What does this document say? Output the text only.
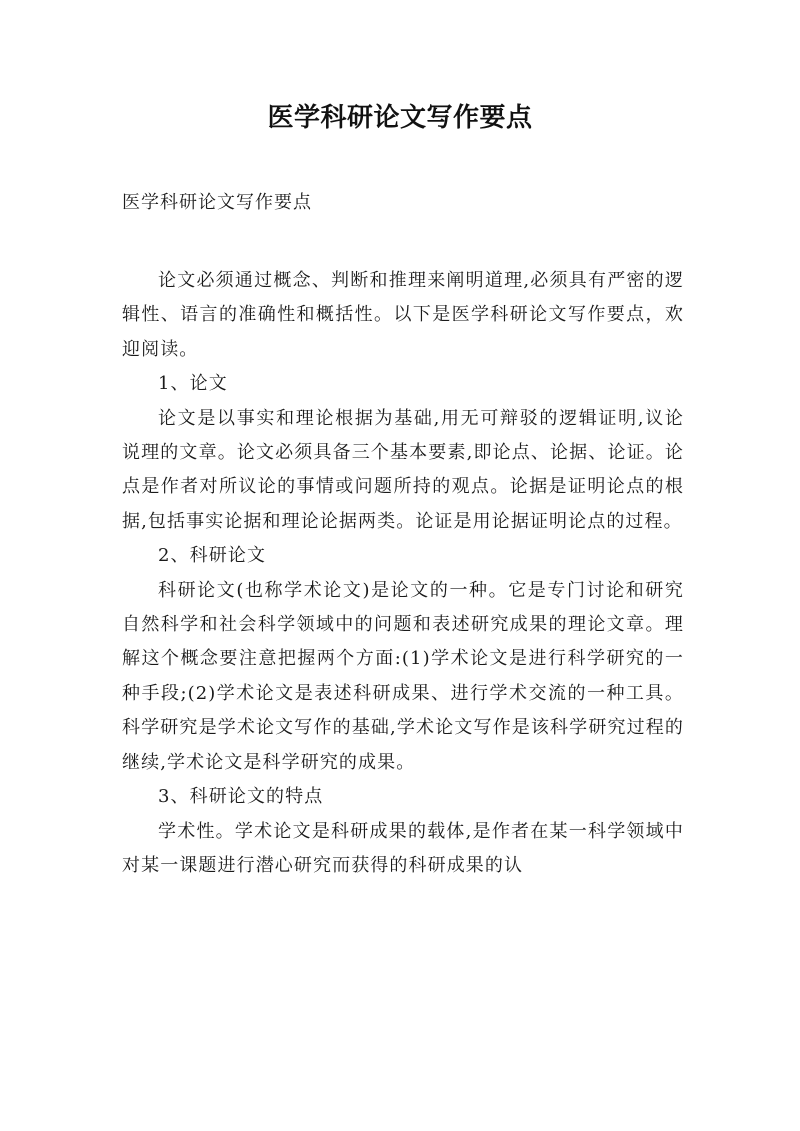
医学科研论文写作要点
医学科研论文写作要点

论文必须通过概念、判断和推理来阐明道理,必须具有严密的逻辑性、语言的准确性和概括性。以下是医学科研论文写作要点，欢迎阅读。

1、论文

论文是以事实和理论根据为基础,用无可辩驳的逻辑证明,议论说理的文章。论文必须具备三个基本要素,即论点、论据、论证。论点是作者对所议论的事情或问题所持的观点。论据是证明论点的根据,包括事实论据和理论论据两类。论证是用论据证明论点的过程。

2、科研论文

科研论文(也称学术论文)是论文的一种。它是专门讨论和研究自然科学和社会科学领域中的问题和表述研究成果的理论文章。理解这个概念要注意把握两个方面:(1)学术论文是进行科学研究的一种手段;(2)学术论文是表述科研成果、进行学术交流的一种工具。科学研究是学术论文写作的基础,学术论文写作是该科学研究过程的继续,学术论文是科学研究的成果。

3、科研论文的特点

学术性。学术论文是科研成果的载体,是作者在某一科学领域中对某一课题进行潜心研究而获得的科研成果的认
